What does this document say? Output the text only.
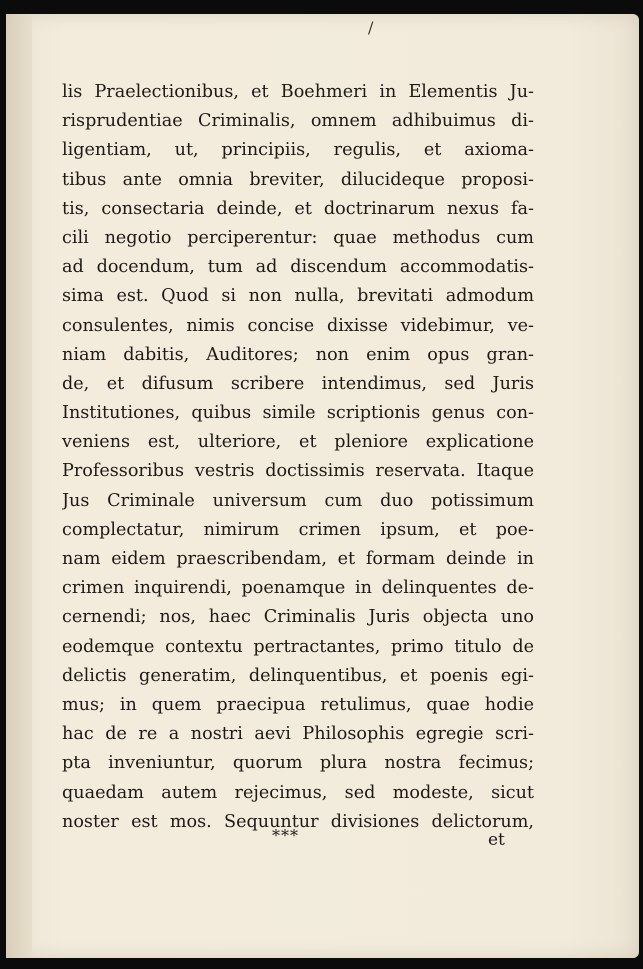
/
lis Praelectionibus, et Boehmeri in Elementis Ju-
risprudentiae Criminalis, omnem adhibuimus di-
ligentiam, ut, principiis, regulis, et axioma-
tibus ante omnia breviter, dilucideque proposi-
tis, consectaria deinde, et doctrinarum nexus fa-
cili negotio perciperentur: quae methodus cum
ad docendum, tum ad discendum accommodatis-
sima est. Quod si non nulla, brevitati admodum
consulentes, nimis concise dixisse videbimur, ve-
niam dabitis, Auditores; non enim opus gran-
de, et difusum scribere intendimus, sed Juris
Institutiones, quibus simile scriptionis genus con-
veniens est, ulteriore, et pleniore explicatione
Professoribus vestris doctissimis reservata. Itaque
Jus Criminale universum cum duo potissimum
complectatur, nimirum crimen ipsum, et poe-
nam eidem praescribendam, et formam deinde in
crimen inquirendi, poenamque in delinquentes de-
cernendi; nos, haec Criminalis Juris objecta uno
eodemque contextu pertractantes, primo titulo de
delictis generatim, delinquentibus, et poenis egi-
mus; in quem praecipua retulimus, quae hodie
hac de re a nostri aevi Philosophis egregie scri-
pta inveniuntur, quorum plura nostra fecimus;
quaedam autem rejecimus, sed modeste, sicut
noster est mos. Sequuntur divisiones delictorum,
***	et
